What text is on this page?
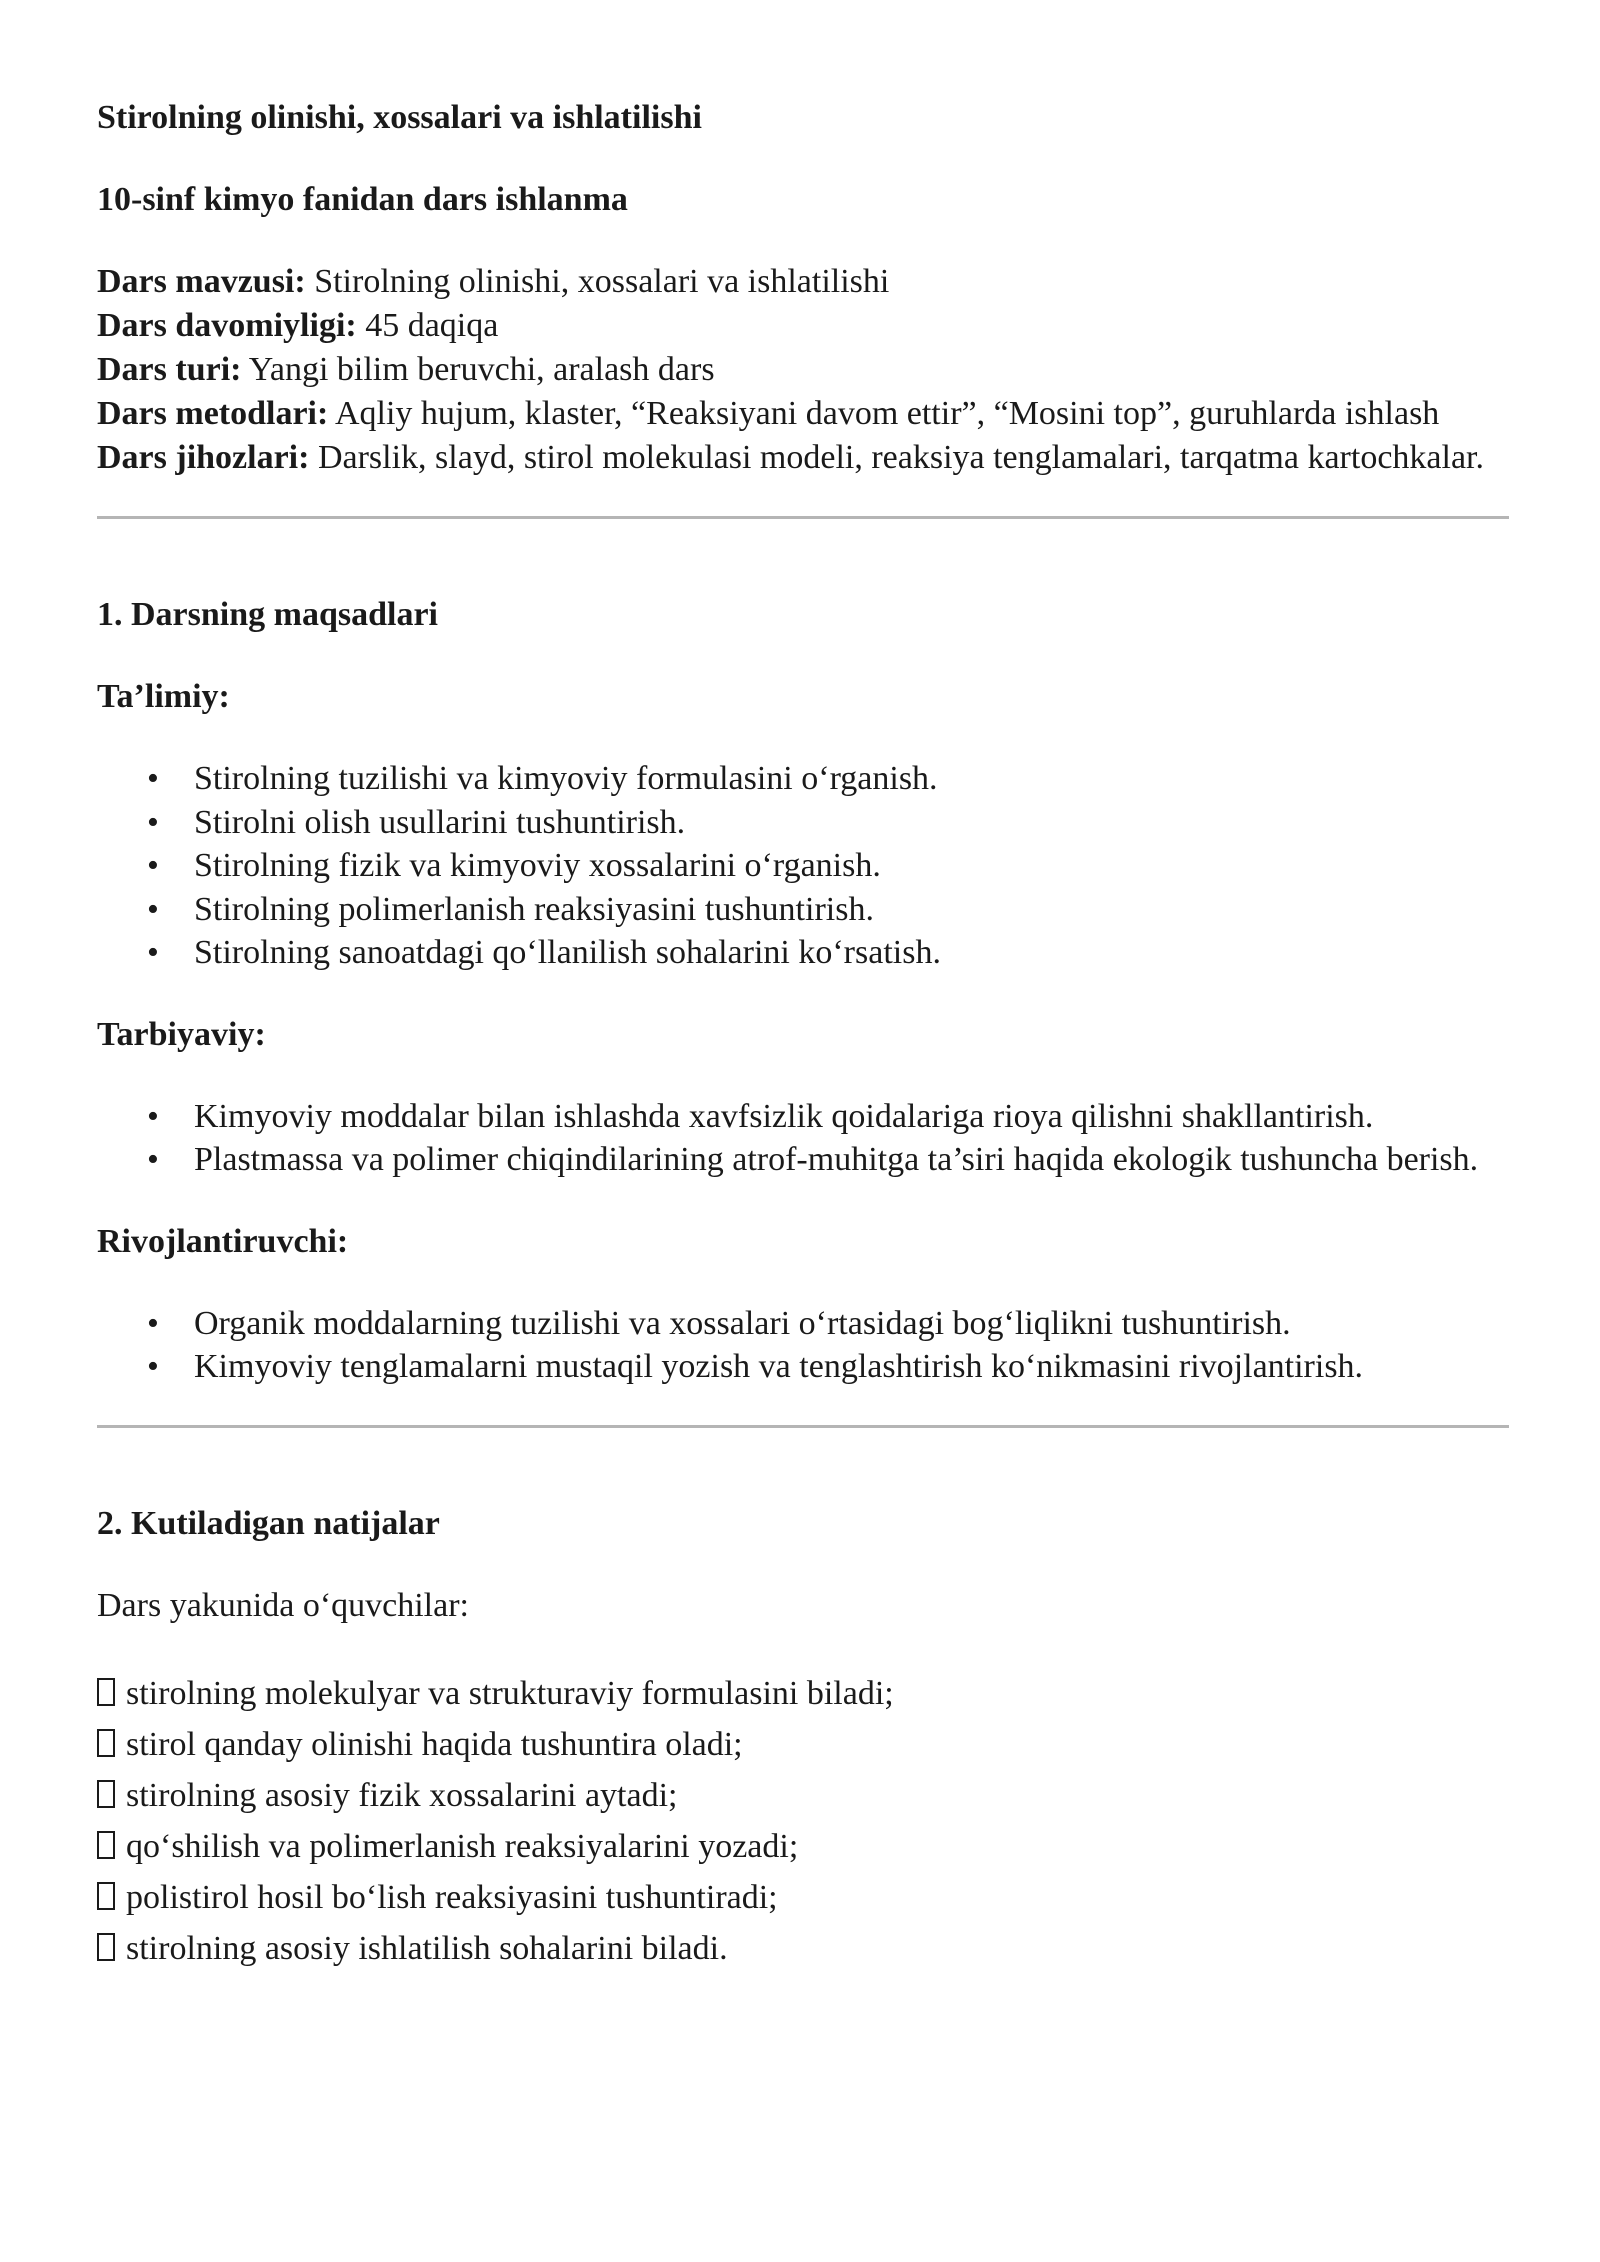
Stirolning olinishi, xossalari va ishlatilishi

10-sinf kimyo fanidan dars ishlanma

Dars mavzusi: Stirolning olinishi, xossalari va ishlatilishi
Dars davomiyligi: 45 daqiqa
Dars turi: Yangi bilim beruvchi, aralash dars
Dars metodlari: Aqliy hujum, klaster, “Reaksiyani davom ettir”, “Mosini top”, guruhlarda ishlash
Dars jihozlari: Darslik, slayd, stirol molekulasi modeli, reaksiya tenglamalari, tarqatma kartochkalar.

1. Darsning maqsadlari

Ta’limiy:

• Stirolning tuzilishi va kimyoviy formulasini o‘rganish.
• Stirolni olish usullarini tushuntirish.
• Stirolning fizik va kimyoviy xossalarini o‘rganish.
• Stirolning polimerlanish reaksiyasini tushuntirish.
• Stirolning sanoatdagi qo‘llanilish sohalarini ko‘rsatish.

Tarbiyaviy:

• Kimyoviy moddalar bilan ishlashda xavfsizlik qoidalariga rioya qilishni shakllantirish.
• Plastmassa va polimer chiqindilarining atrof-muhitga ta’siri haqida ekologik tushuncha berish.

Rivojlantiruvchi:

• Organik moddalarning tuzilishi va xossalari o‘rtasidagi bog‘liqlikni tushuntirish.
• Kimyoviy tenglamalarni mustaqil yozish va tenglashtirish ko‘nikmasini rivojlantirish.

2. Kutiladigan natijalar

Dars yakunida o‘quvchilar:

stirolning molekulyar va strukturaviy formulasini biladi;
stirol qanday olinishi haqida tushuntira oladi;
stirolning asosiy fizik xossalarini aytadi;
qo‘shilish va polimerlanish reaksiyalarini yozadi;
polistirol hosil bo‘lish reaksiyasini tushuntiradi;
stirolning asosiy ishlatilish sohalarini biladi.
